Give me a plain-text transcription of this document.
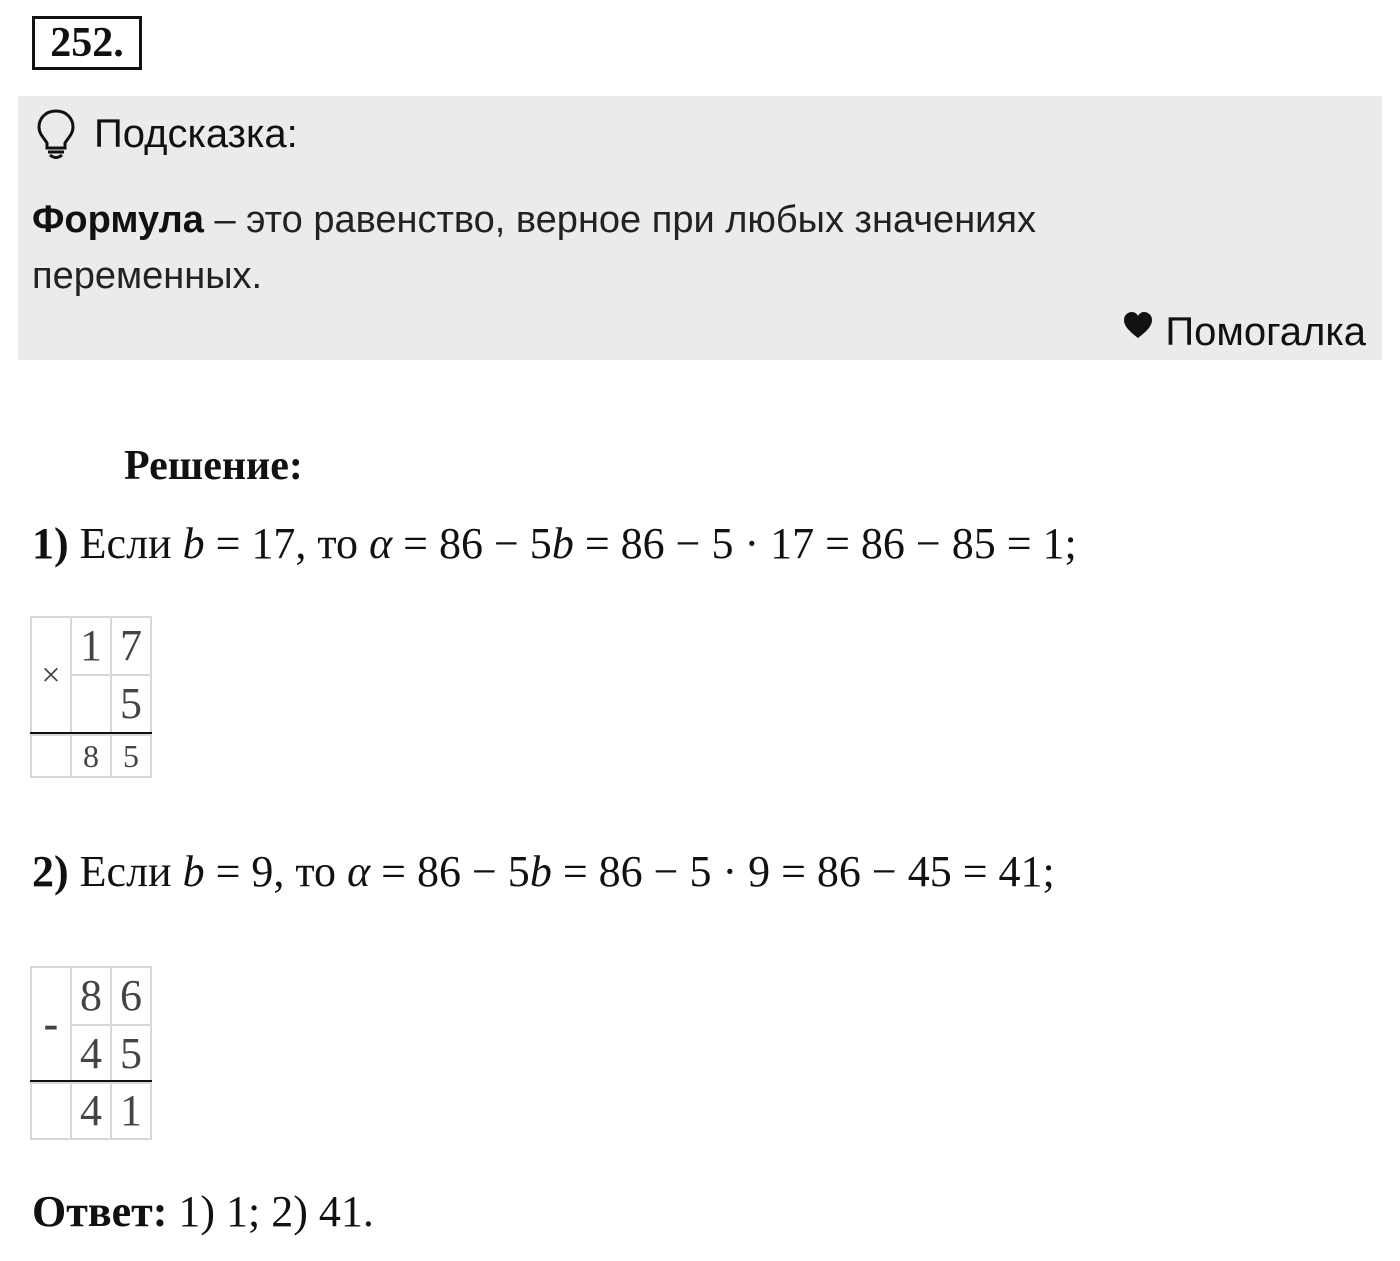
252.
Подсказка:
Формула – это равенство, верное при любых значениях переменных.
Помогалка
Решение:
1) Если b = 17, то α = 86 − 5b = 86 − 5 · 17 = 86 − 85 = 1;
×
1 7
5
8 5
2) Если b = 9, то α = 86 − 5b = 86 − 5 · 9 = 86 − 45 = 41;
-
8 6
4 5
4 1
Ответ: 1) 1; 2) 41.
